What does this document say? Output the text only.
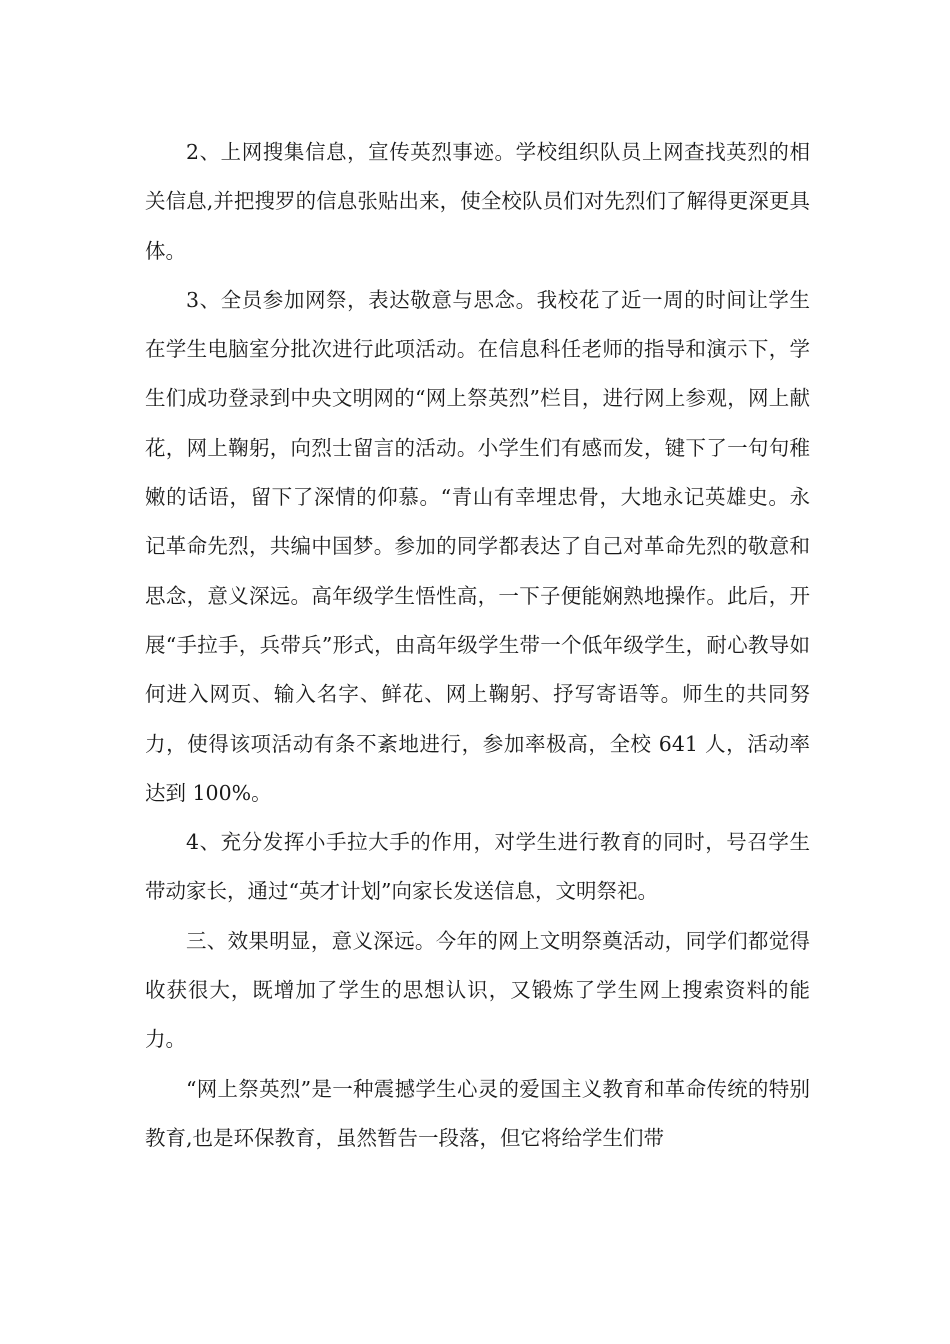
2、上网搜集信息，宣传英烈事迹。学校组织队员上网查找英烈的相关信息,并把搜罗的信息张贴出来，使全校队员们对先烈们了解得更深更具体。

3、全员参加网祭，表达敬意与思念。我校花了近一周的时间让学生在学生电脑室分批次进行此项活动。在信息科任老师的指导和演示下，学生们成功登录到中央文明网的“网上祭英烈”栏目，进行网上参观，网上献花，网上鞠躬，向烈士留言的活动。小学生们有感而发，键下了一句句稚嫩的话语，留下了深情的仰慕。“青山有幸埋忠骨，大地永记英雄史。永记革命先烈，共编中国梦。参加的同学都表达了自己对革命先烈的敬意和思念，意义深远。高年级学生悟性高，一下子便能娴熟地操作。此后，开展“手拉手，兵带兵”形式，由高年级学生带一个低年级学生，耐心教导如何进入网页、输入名字、鲜花、网上鞠躬、抒写寄语等。师生的共同努力，使得该项活动有条不紊地进行，参加率极高，全校 641 人，活动率达到 100%。

4、充分发挥小手拉大手的作用，对学生进行教育的同时，号召学生带动家长，通过“英才计划”向家长发送信息，文明祭祀。

三、效果明显，意义深远。今年的网上文明祭奠活动，同学们都觉得收获很大，既增加了学生的思想认识，又锻炼了学生网上搜索资料的能力。

“网上祭英烈”是一种震撼学生心灵的爱国主义教育和革命传统的特别教育,也是环保教育，虽然暂告一段落，但它将给学生们带
